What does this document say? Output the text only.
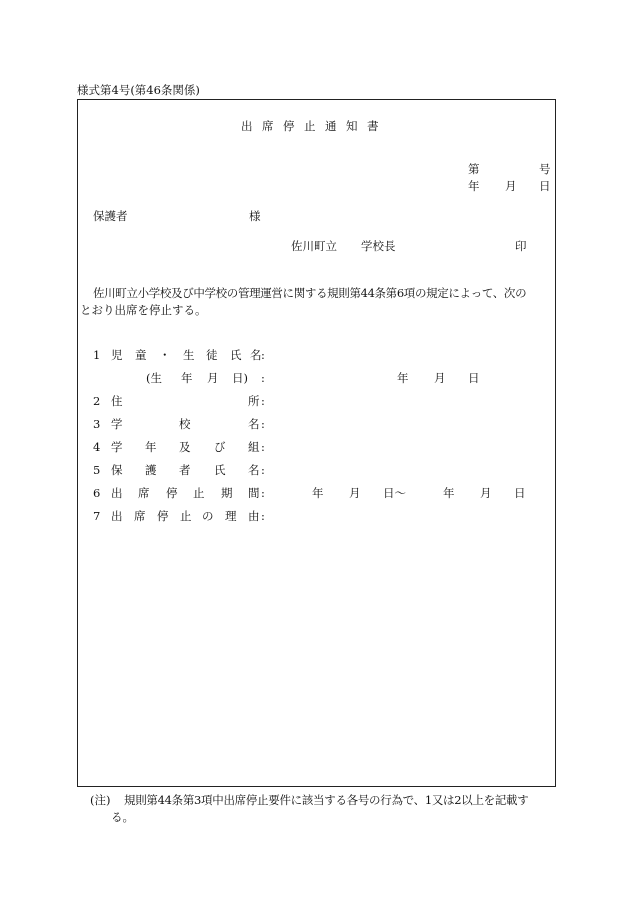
様式第4号(第46条関係)
出 席 停 止 通 知 書
第	号
年 月 日
保護者	様
佐川町立 学校長	印
佐川町立小学校及び中学校の管理運営に関する規則第44条第6項の規定によって、次の
とおり出席を停止する。
1 児 童 ・ 生 徒 氏 名 :
(生 年 月 日) :	年 月 日
2 住	所 :
3 学	校	名 :
4 学 年 及 び 組 :
5 保 護 者 氏 名 :
6 出 席 停 止 期 間 :	年 月 日〜	年 月 日
7 出 席 停 止 の 理 由 :
(注) 規則第44条第3項中出席停止要件に該当する各号の行為で、1又は2以上を記載す
る。
